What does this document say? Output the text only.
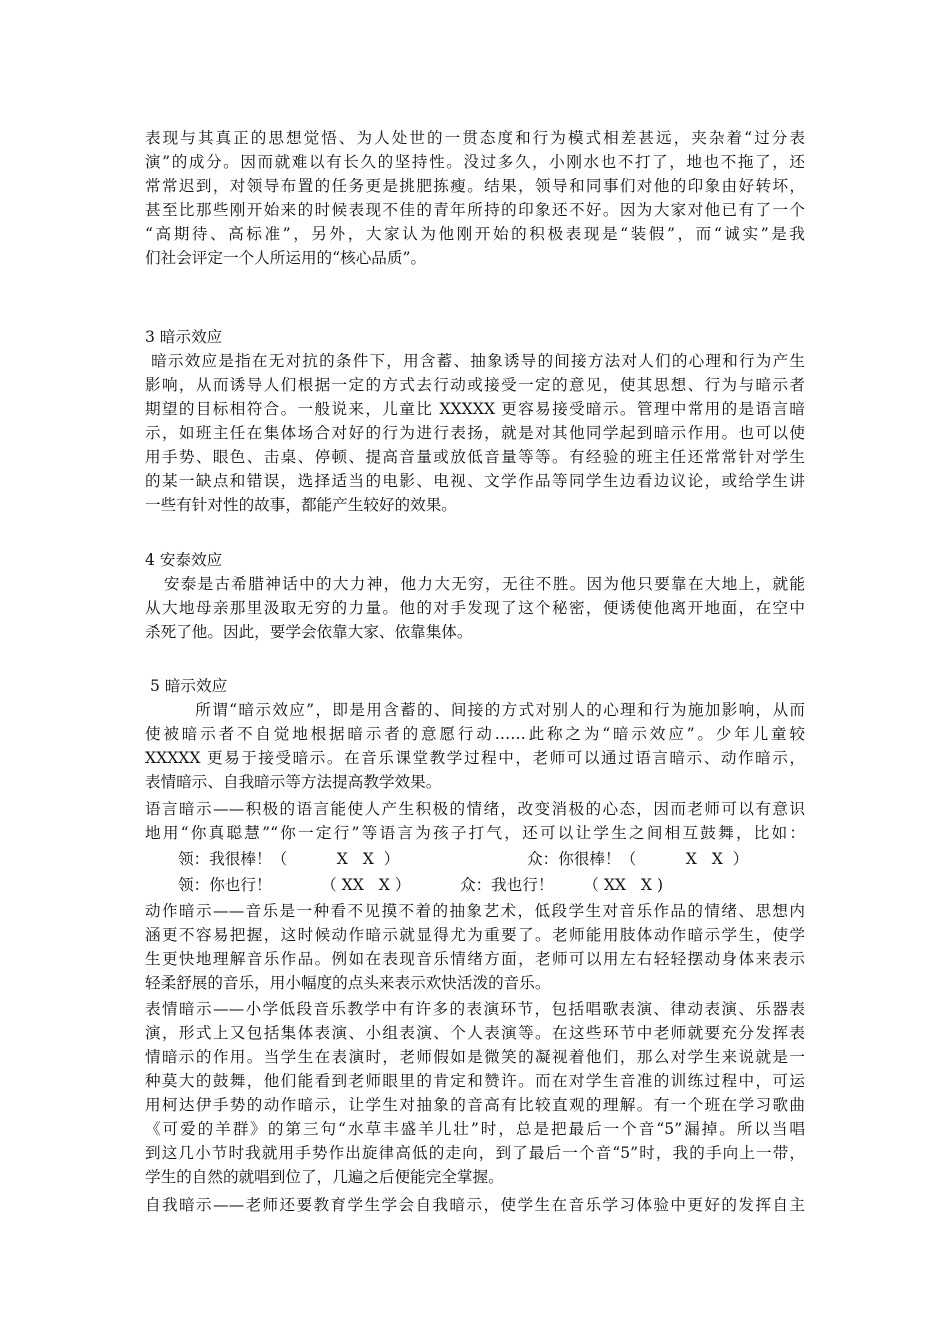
表现与其真正的思想觉悟、为人处世的一贯态度和行为模式相差甚远，夹杂着“过分表
演”的成分。因而就难以有长久的坚持性。没过多久，小刚水也不打了，地也不拖了，还
常常迟到，对领导布置的任务更是挑肥拣瘦。结果，领导和同事们对他的印象由好转坏，
甚至比那些刚开始来的时候表现不佳的青年所持的印象还不好。因为大家对他已有了一个
“高期待、高标准”，另外，大家认为他刚开始的积极表现是“装假”，而“诚实”是我
们社会评定一个人所运用的“核心品质”。
3 暗示效应
暗示效应是指在无对抗的条件下，用含蓄、抽象诱导的间接方法对人们的心理和行为产生
影响，从而诱导人们根据一定的方式去行动或接受一定的意见，使其思想、行为与暗示者
期望的目标相符合。一般说来，儿童比 XXXXX 更容易接受暗示。管理中常用的是语言暗
示，如班主任在集体场合对好的行为进行表扬，就是对其他同学起到暗示作用。也可以使
用手势、眼色、击桌、停顿、提高音量或放低音量等等。有经验的班主任还常常针对学生
的某一缺点和错误，选择适当的电影、电视、文学作品等同学生边看边议论，或给学生讲
一些有针对性的故事，都能产生较好的效果。
4 安泰效应
安泰是古希腊神话中的大力神，他力大无穷，无往不胜。因为他只要靠在大地上，就能
从大地母亲那里汲取无穷的力量。他的对手发现了这个秘密，便诱使他离开地面，在空中
杀死了他。因此，要学会依靠大家、依靠集体。
5 暗示效应
所谓“暗示效应”，即是用含蓄的、间接的方式对别人的心理和行为施加影响，从而
使被暗示者不自觉地根据暗示者的意愿行动……此称之为“暗示效应”。少年儿童较
XXXXX 更易于接受暗示。在音乐课堂教学过程中，老师可以通过语言暗示、动作暗示，
表情暗示、自我暗示等方法提高教学效果。
语言暗示——积极的语言能使人产生积极的情绪，改变消极的心态，因而老师可以有意识
地用“你真聪慧”“你一定行”等语言为孩子打气，还可以让学生之间相互鼓舞，比如：
领：我很棒！（          X   X  ）	众：你很棒！（          X   X  ）
领：你也行！          （ XX   X ）          众：我也行！      （ XX   X )
动作暗示——音乐是一种看不见摸不着的抽象艺术，低段学生对音乐作品的情绪、思想内
涵更不容易把握，这时候动作暗示就显得尤为重要了。老师能用肢体动作暗示学生，使学
生更快地理解音乐作品。例如在表现音乐情绪方面，老师可以用左右轻轻摆动身体来表示
轻柔舒展的音乐，用小幅度的点头来表示欢快活泼的音乐。
表情暗示——小学低段音乐教学中有许多的表演环节，包括唱歌表演、律动表演、乐器表
演，形式上又包括集体表演、小组表演、个人表演等。在这些环节中老师就要充分发挥表
情暗示的作用。当学生在表演时，老师假如是微笑的凝视着他们，那么对学生来说就是一
种莫大的鼓舞，他们能看到老师眼里的肯定和赞许。而在对学生音准的训练过程中，可运
用柯达伊手势的动作暗示，让学生对抽象的音高有比较直观的理解。有一个班在学习歌曲
《可爱的羊群》的第三句“水草丰盛羊儿壮”时，总是把最后一个音“5”漏掉。所以当唱
到这几小节时我就用手势作出旋律高低的走向，到了最后一个音“5”时，我的手向上一带，
学生的自然的就唱到位了，几遍之后便能完全掌握。
自我暗示——老师还要教育学生学会自我暗示，使学生在音乐学习体验中更好的发挥自主
